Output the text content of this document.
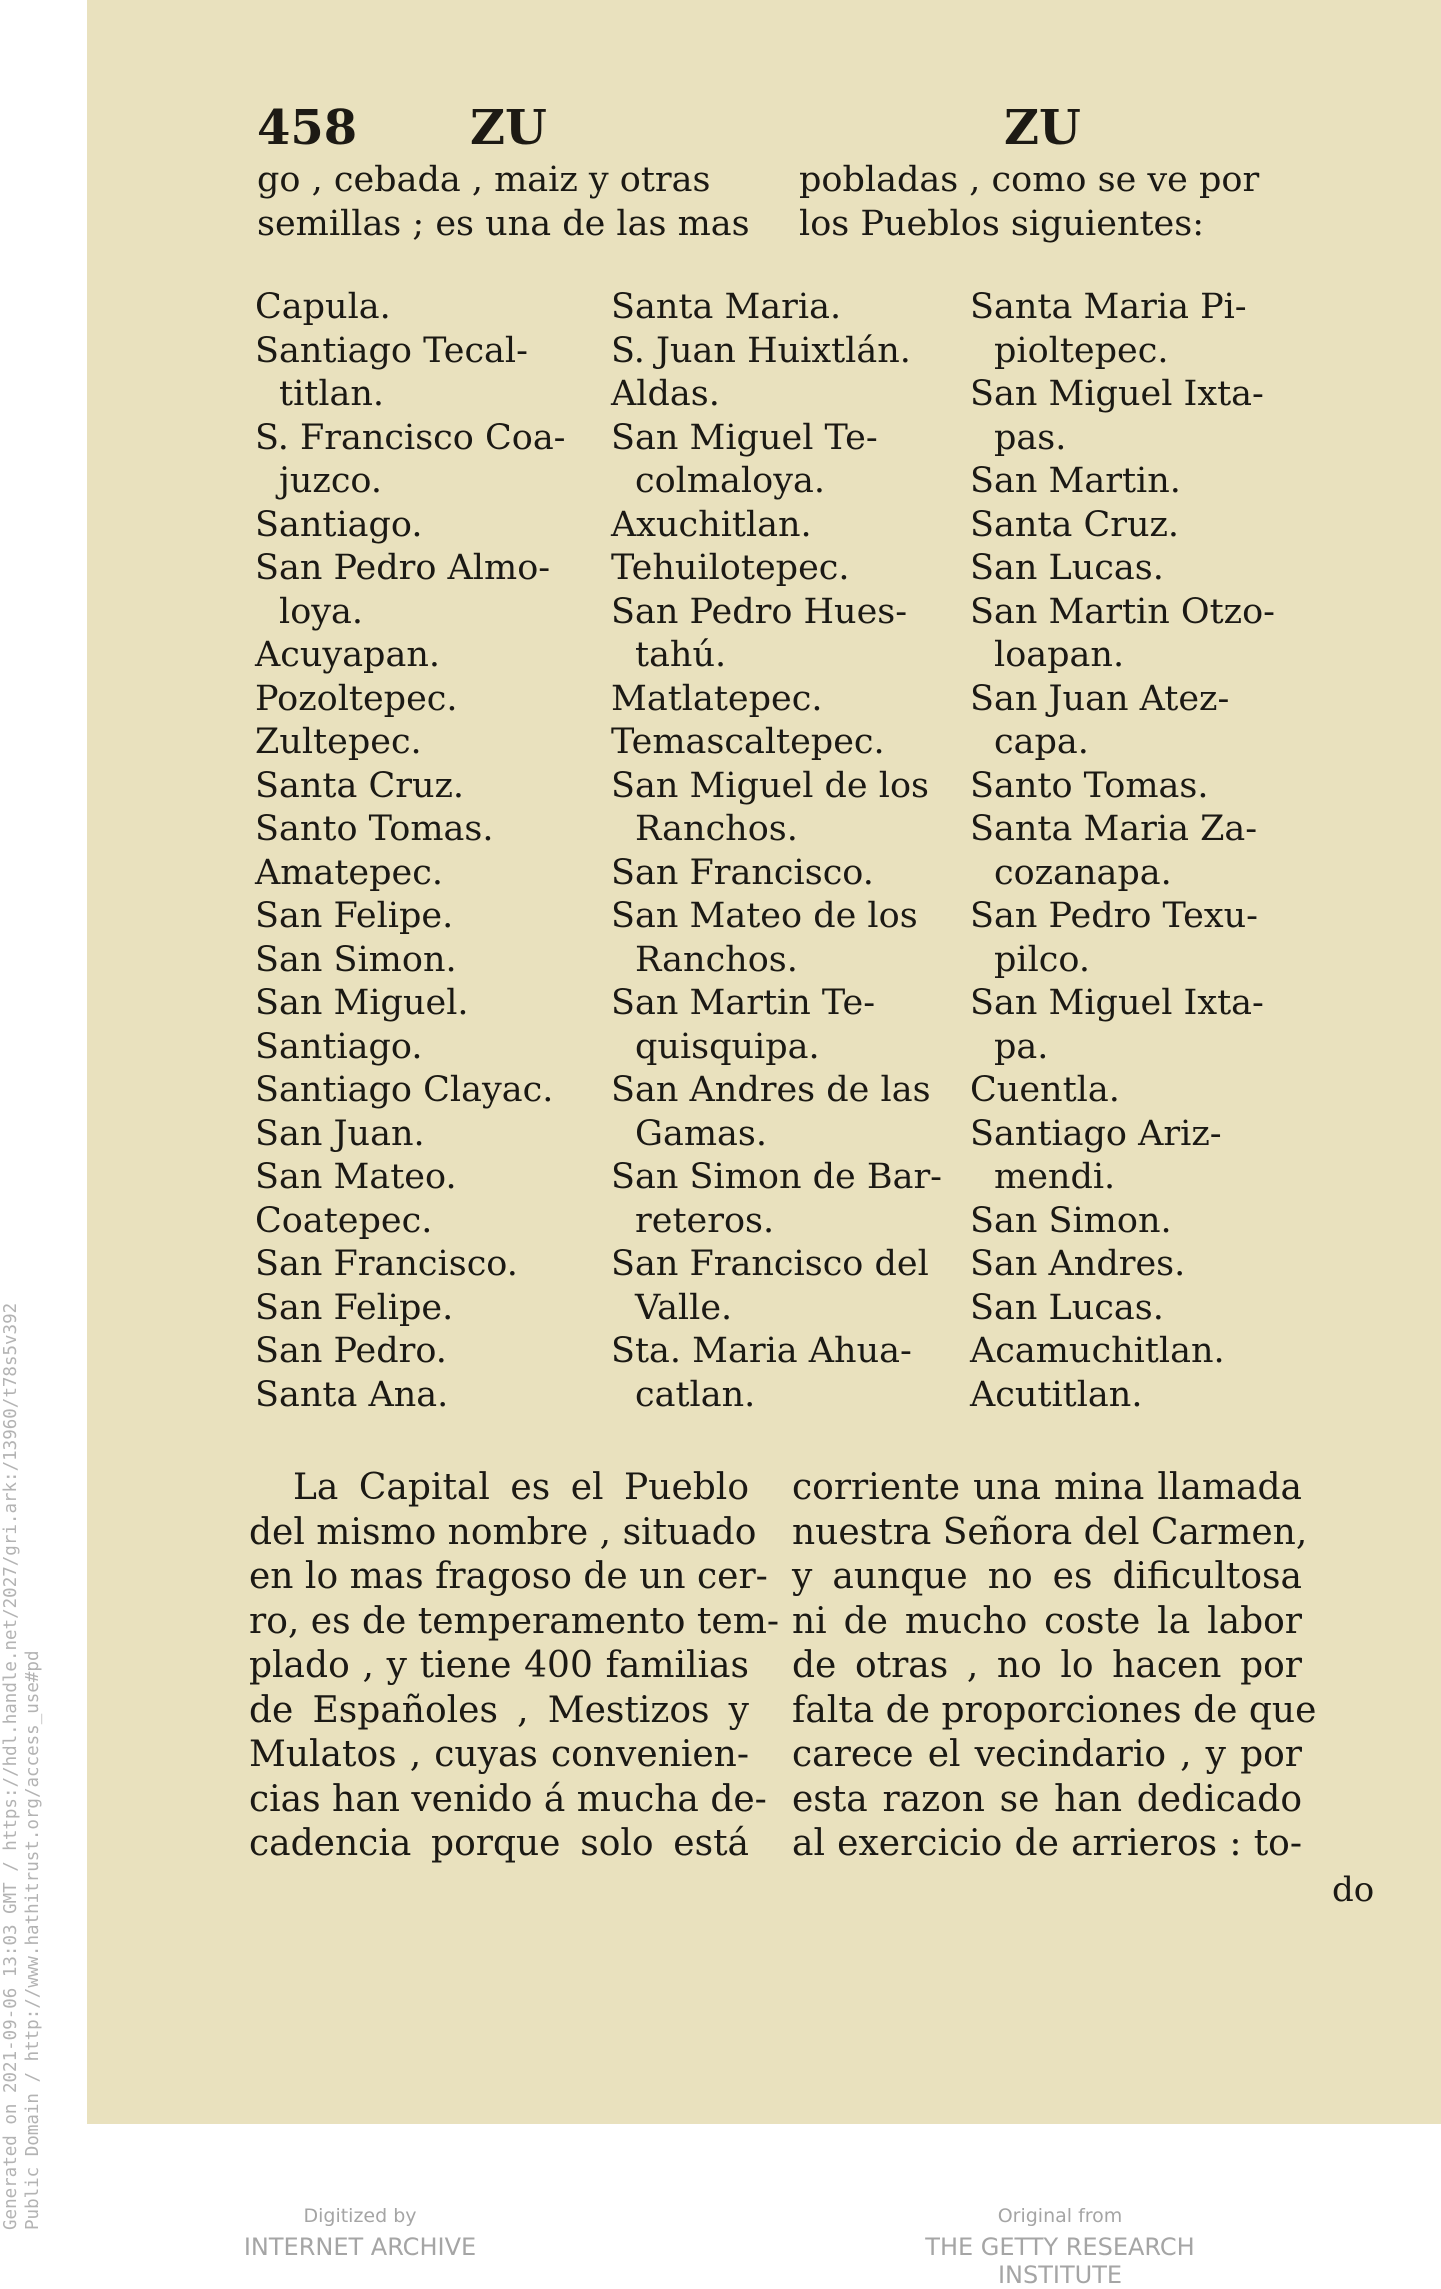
458 ZU	ZU
go , cebada , maiz y otras
semillas ; es una de las mas
pobladas , como se ve por
los Pueblos siguientes:
Capula.
Santiago Tecal-
titlan.
S. Francisco Coa-
juzco.
Santiago.
San Pedro Almo-
loya.
Acuyapan.
Pozoltepec.
Zultepec.
Santa Cruz.
Santo Tomas.
Amatepec.
San Felipe.
San Simon.
San Miguel.
Santiago.
Santiago Clayac.
San Juan.
San Mateo.
Coatepec.
San Francisco.
San Felipe.
San Pedro.
Santa Ana.
Santa Maria.
S. Juan Huixtlán.
Aldas.
San Miguel Te-
colmaloya.
Axuchitlan.
Tehuilotepec.
San Pedro Hues-
tahú.
Matlatepec.
Temascaltepec.
San Miguel de los
Ranchos.
San Francisco.
San Mateo de los
Ranchos.
San Martin Te-
quisquipa.
San Andres de las
Gamas.
San Simon de Bar-
reteros.
San Francisco del
Valle.
Sta. Maria Ahua-
catlan.
Santa Maria Pi-
pioltepec.
San Miguel Ixta-
pas.
San Martin.
Santa Cruz.
San Lucas.
San Martin Otzo-
loapan.
San Juan Atez-
capa.
Santo Tomas.
Santa Maria Za-
cozanapa.
San Pedro Texu-
pilco.
San Miguel Ixta-
pa.
Cuentla.
Santiago Ariz-
mendi.
San Simon.
San Andres.
San Lucas.
Acamuchitlan.
Acutitlan.
La Capital es el Pueblo
del mismo nombre , situado
en lo mas fragoso de un cer-
ro, es de temperamento tem-
plado , y tiene 400 familias
de Españoles , Mestizos y
Mulatos , cuyas convenien-
cias han venido á mucha de-
cadencia porque solo está
corriente una mina llamada
nuestra Señora del Carmen,
y aunque no es dificultosa
ni de mucho coste la labor
de otras , no lo hacen por
falta de proporciones de que
carece el vecindario , y por
esta razon se han dedicado
al exercicio de arrieros : to-
do
Generated on 2021-09-06 13:03 GMT / https://hdl.handle.net/2027/gri.ark:/13960/t78s5v392 Public Domain / http://www.hathitrust.org/access_use#pd	Digitized by
INTERNET ARCHIVE
Original from
THE GETTY RESEARCH INSTITUTE
